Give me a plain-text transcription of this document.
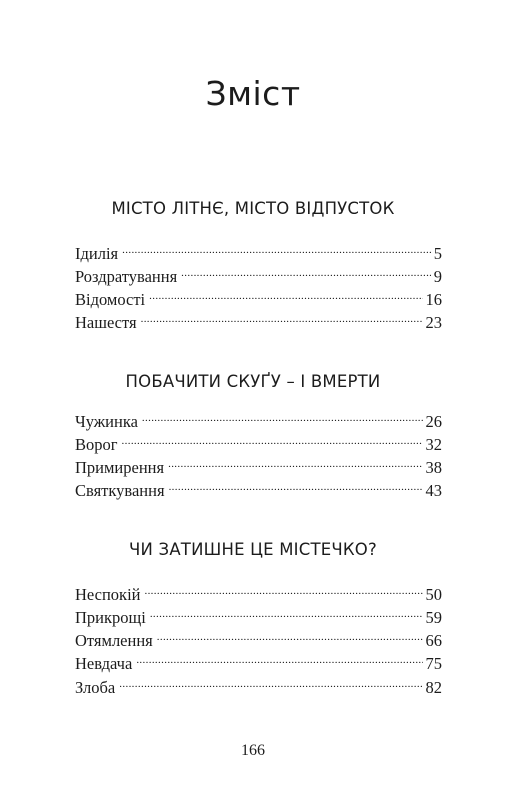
Зміст
МІСТО ЛІТНЄ, МІСТО ВІДПУСТОК
Ідилія . . .	5
Роздратування . . .	9
Відомості . . .	16
Нашестя . . .	23
ПОБАЧИТИ СКУҐУ – І ВМЕРТИ
Чужинка . . .	26
Ворог . . .	32
Примирення . . .	38
Святкування . . .	43
ЧИ ЗАТИШНЕ ЦЕ МІСТЕЧКО?
Неспокій . . .	50
Прикрощі . . .	59
Отямлення . . .	66
Невдача . . .	75
Злоба . . .	82
166
